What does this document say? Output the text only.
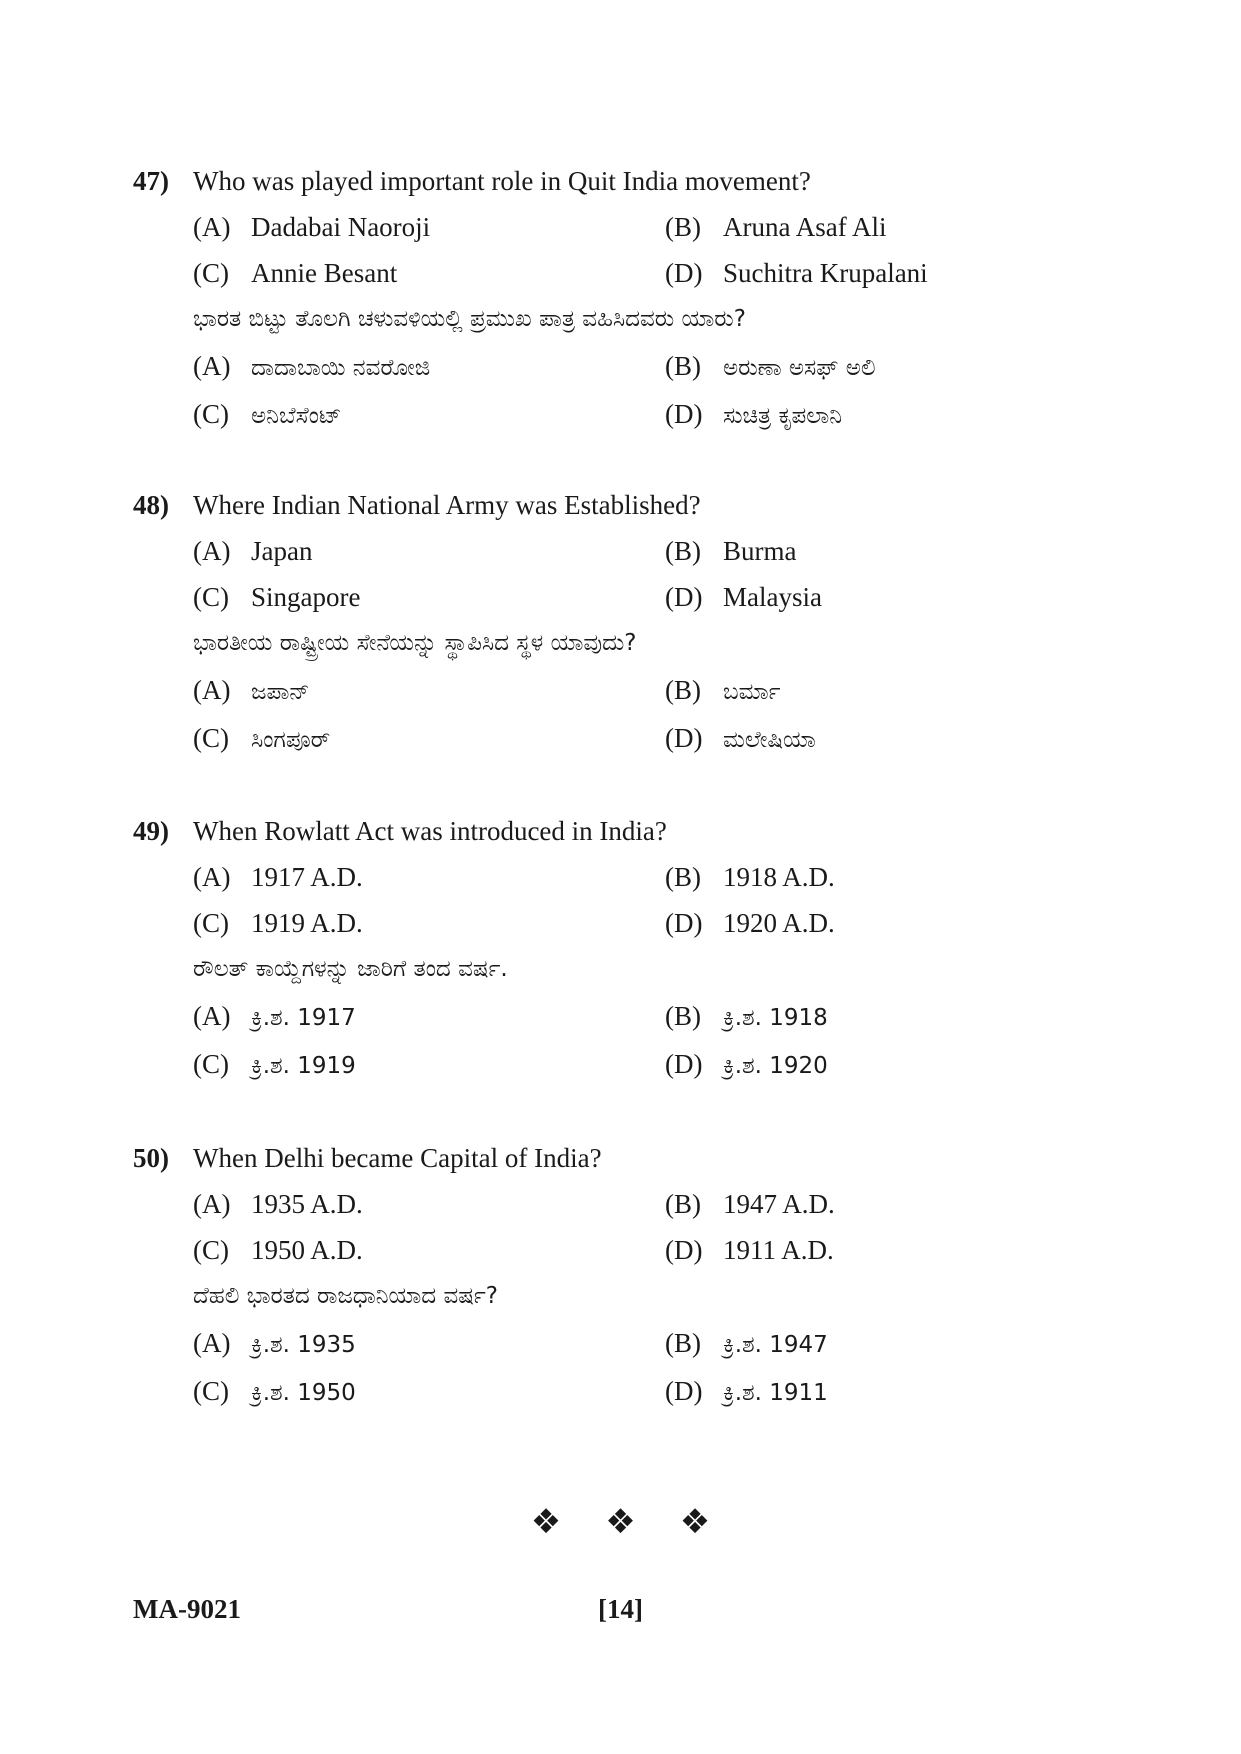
47) Who was played important role in Quit India movement?
(A) Dadabai Naoroji	(B) Aruna Asaf Ali
(C) Annie Besant	(D) Suchitra Krupalani
ಭಾರತ ಬಿಟ್ಟು ತೊಲಗಿ ಚಳುವಳಿಯಲ್ಲಿ ಪ್ರಮುಖ ಪಾತ್ರ ವಹಿಸಿದವರು ಯಾರು?
(A) ದಾದಾಬಾಯಿ ನವರೋಜಿ	(B) ಅರುಣಾ ಅಸಫ್ ಅಲಿ
(C) ಅನಿಬೆಸೆಂಟ್	(D) ಸುಚಿತ್ರ ಕೃಪಲಾನಿ
48) Where Indian National Army was Established?
(A) Japan	(B) Burma
(C) Singapore	(D) Malaysia
ಭಾರತೀಯ ರಾಷ್ಟ್ರೀಯ ಸೇನೆಯನ್ನು ಸ್ಥಾಪಿಸಿದ ಸ್ಥಳ ಯಾವುದು?
(A) ಜಪಾನ್	(B) ಬರ್ಮಾ
(C) ಸಿಂಗಪೂರ್	(D) ಮಲೇಷಿಯಾ
49) When Rowlatt Act was introduced in India?
(A) 1917 A.D.	(B) 1918 A.D.
(C) 1919 A.D.	(D) 1920 A.D.
ರೌಲತ್ ಕಾಯ್ದೆಗಳನ್ನು ಜಾರಿಗೆ ತಂದ ವರ್ಷ.
(A) ಕ್ರಿ.ಶ. 1917	(B) ಕ್ರಿ.ಶ. 1918
(C) ಕ್ರಿ.ಶ. 1919	(D) ಕ್ರಿ.ಶ. 1920
50) When Delhi became Capital of India?
(A) 1935 A.D.	(B) 1947 A.D.
(C) 1950 A.D.	(D) 1911 A.D.
ದೆಹಲಿ ಭಾರತದ ರಾಜಧಾನಿಯಾದ ವರ್ಷ?
(A) ಕ್ರಿ.ಶ. 1935	(B) ಕ್ರಿ.ಶ. 1947
(C) ಕ್ರಿ.ಶ. 1950	(D) ಕ್ರಿ.ಶ. 1911
❖ ❖ ❖
[14]
MA-9021
